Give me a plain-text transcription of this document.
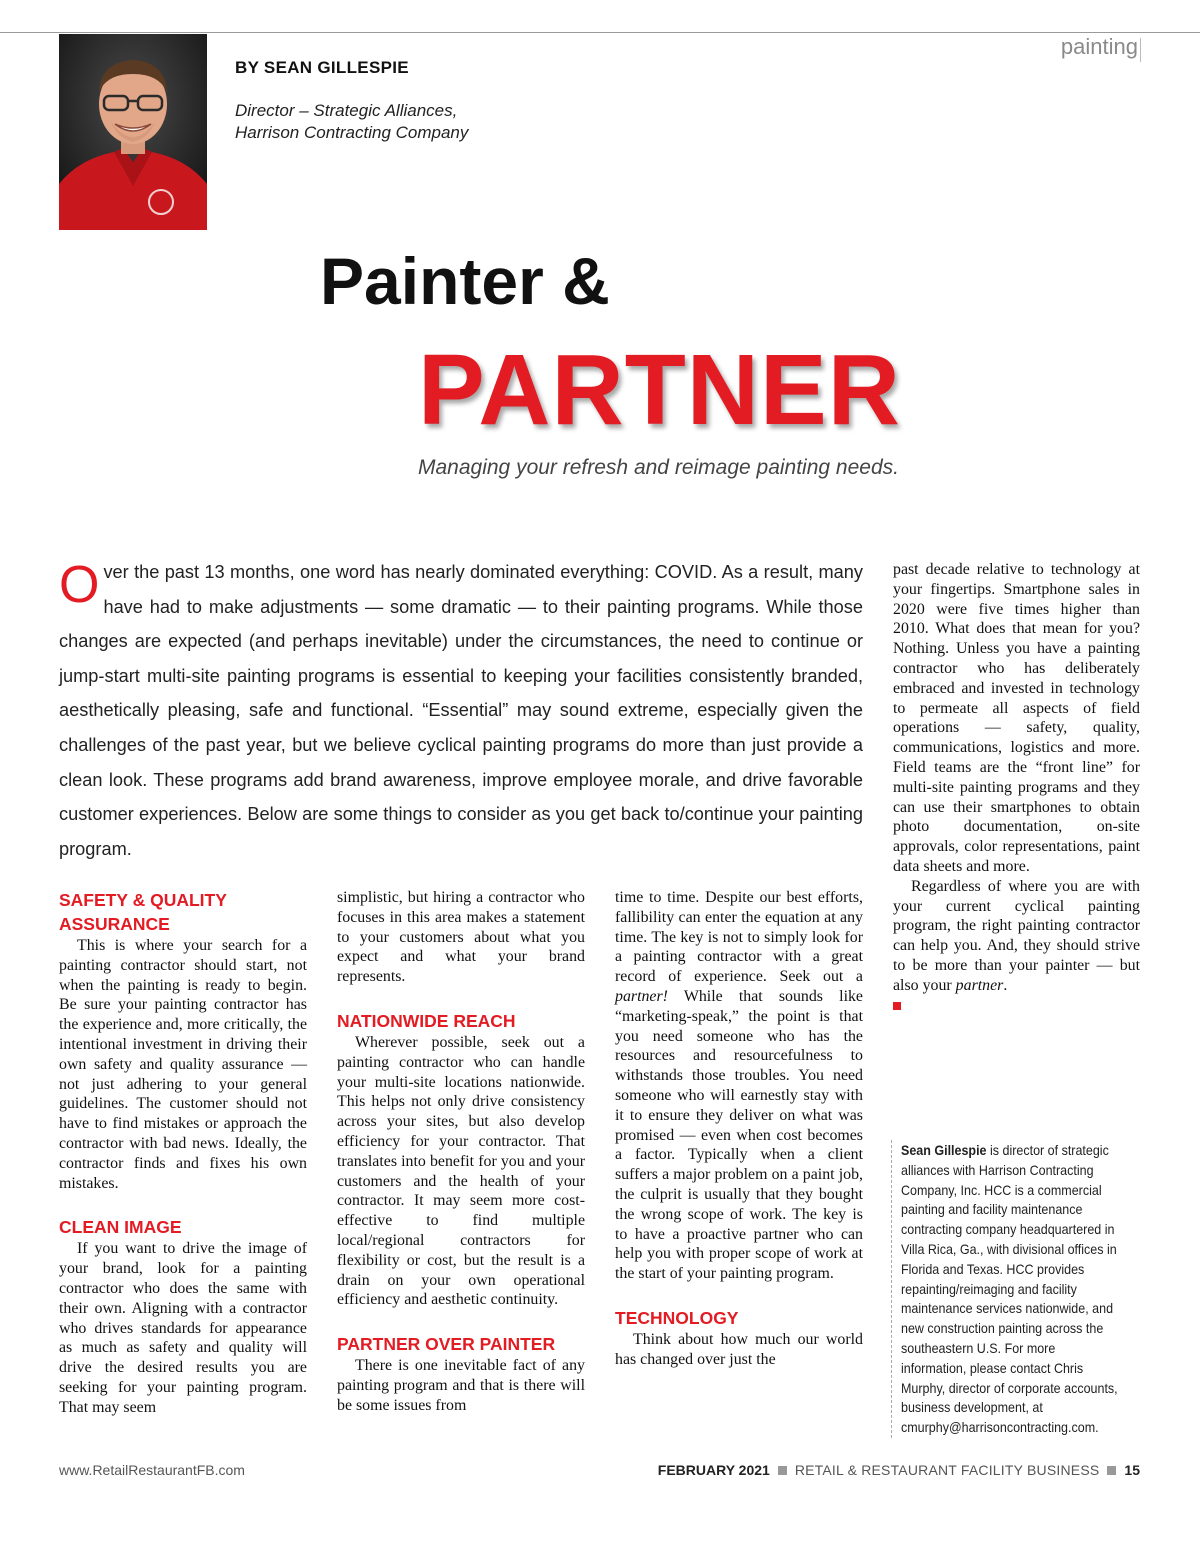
painting
BY SEAN GILLESPIE
Director – Strategic Alliances,
Harrison Contracting Company
Painter &
PARTNER
Managing your refresh and reimage painting needs.
Over the past 13 months, one word has nearly dominated everything: COVID. As a result, many have had to make adjustments — some dramatic — to their painting programs. While those changes are expected (and perhaps inevitable) under the circumstances, the need to continue or jump-start multi-site painting programs is essential to keeping your facilities consistently branded, aesthetically pleasing, safe and functional. “Essential” may sound extreme, especially given the challenges of the past year, but we believe cyclical painting programs do more than just provide a clean look. These programs add brand awareness, improve employee morale, and drive favorable customer experiences. Below are some things to consider as you get back to/continue your painting program.
SAFETY & QUALITY ASSURANCE

This is where your search for a painting contractor should start, not when the painting is ready to begin. Be sure your painting contractor has the experience and, more critically, the intentional investment in driving their own safety and quality assurance — not just adhering to your general guidelines. The customer should not have to find mistakes or approach the contractor with bad news. Ideally, the contractor finds and fixes his own mistakes.

CLEAN IMAGE

If you want to drive the image of your brand, look for a painting contractor who does the same with their own. Aligning with a contractor who drives standards for appearance as much as safety and quality will drive the desired results you are seeking for your painting program. That may seem

simplistic, but hiring a contractor who focuses in this area makes a statement to your customers about what you expect and what your brand represents.

NATIONWIDE REACH

Wherever possible, seek out a painting contractor who can handle your multi-site locations nationwide. This helps not only drive consistency across your sites, but also develop efficiency for your contractor. That translates into benefit for you and your customers and the health of your contractor. It may seem more cost-effective to find multiple local/regional contractors for flexibility or cost, but the result is a drain on your own operational efficiency and aesthetic continuity.

PARTNER OVER PAINTER

There is one inevitable fact of any painting program and that is there will be some issues from

time to time. Despite our best efforts, fallibility can enter the equation at any time. The key is not to simply look for a painting contractor with a great record of experience. Seek out a partner! While that sounds like “marketing-speak,” the point is that you need someone who has the resources and resourcefulness to withstands those troubles. You need someone who will earnestly stay with it to ensure they deliver on what was promised — even when cost becomes a factor. Typically when a client suffers a major problem on a paint job, the culprit is usually that they bought the wrong scope of work. The key is to have a proactive partner who can help you with proper scope of work at the start of your painting program.

TECHNOLOGY

Think about how much our world has changed over just the

past decade relative to technology at your fingertips. Smartphone sales in 2020 were five times higher than 2010. What does that mean for you? Nothing. Unless you have a painting contractor who has deliberately embraced and invested in technology to permeate all aspects of field operations — safety, quality, communications, logistics and more. Field teams are the “front line” for multi-site painting programs and they can use their smartphones to obtain photo documentation, on-site approvals, color representations, paint data sheets and more.

Regardless of where you are with your current cyclical painting program, the right painting contractor can help you. And, they should strive to be more than your painter — but also your partner.

Sean Gillespie is director of strategic alliances with Harrison Contracting Company, Inc. HCC is a commercial painting and facility maintenance contracting company headquartered in Villa Rica, Ga., with divisional offices in Florida and Texas. HCC provides repainting/reimaging and facility maintenance services nationwide, and new construction painting across the southeastern U.S. For more information, please contact Chris Murphy, director of corporate accounts, business development, at cmurphy@harrisoncontracting.com.
www.RetailRestaurantFB.com	FEBRUARY 2021 RETAIL & RESTAURANT FACILITY BUSINESS 15
